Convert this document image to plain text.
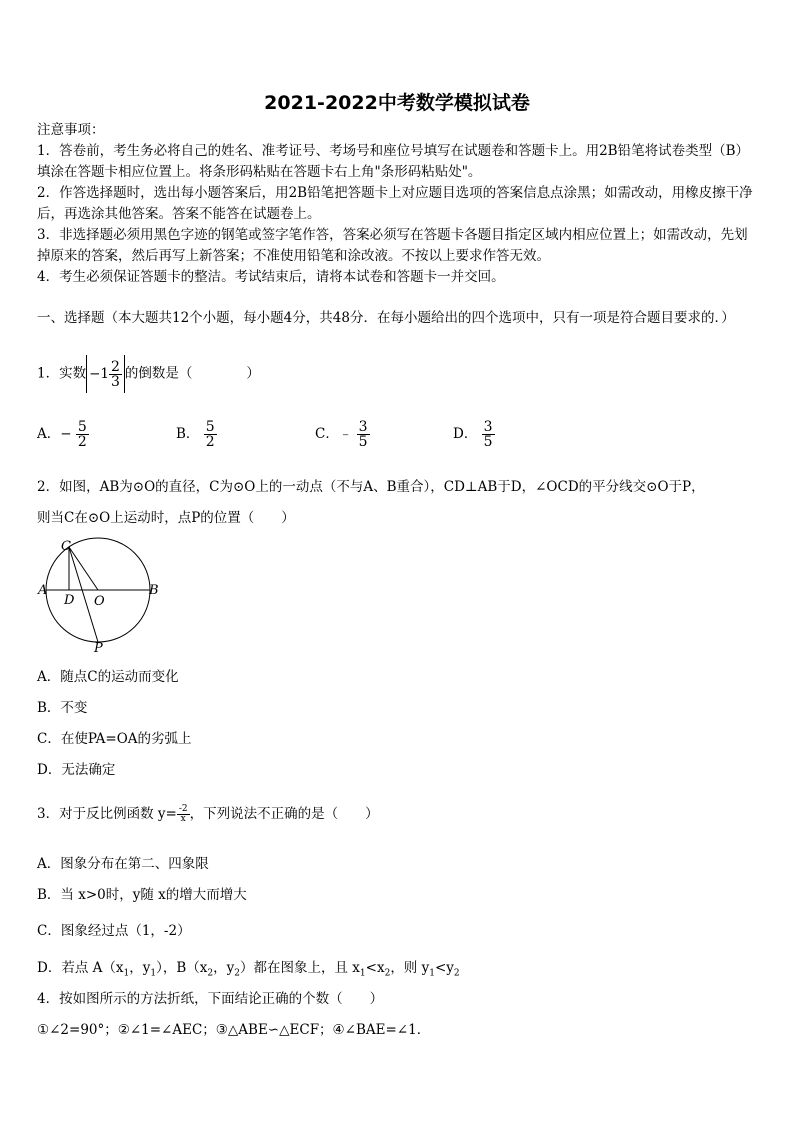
2021-2022中考数学模拟试卷
注意事项：
1．答卷前，考生务必将自己的姓名、准考证号、考场号和座位号填写在试题卷和答题卡上。用2B铅笔将试卷类型（B）填涂在答题卡相应位置上。将条形码粘贴在答题卡右上角"条形码粘贴处"。
2．作答选择题时，选出每小题答案后，用2B铅笔把答题卡上对应题目选项的答案信息点涂黑；如需改动，用橡皮擦干净后，再选涂其他答案。答案不能答在试题卷上。
3．非选择题必须用黑色字迹的钢笔或签字笔作答，答案必须写在答题卡各题目指定区域内相应位置上；如需改动，先划掉原来的答案，然后再写上新答案；不准使用铅笔和涂改液。不按以上要求作答无效。
4．考生必须保证答题卡的整洁。考试结束后，请将本试卷和答题卡一并交回。
一、选择题（本大题共12个小题，每小题4分，共48分．在每小题给出的四个选项中，只有一项是符合题目要求的．）
1．实数 $-1 \frac{2}{3}$ 的倒数是（　　　　）
A．− $\frac{5}{2}$	B． $\frac{5}{2}$	C．﹣ $\frac{3}{5}$	D． $\frac{3}{5}$
2．如图，AB为⊙O的直径，C为⊙O上的一动点（不与A、B重合），CD⊥AB于D，∠OCD的平分线交⊙O于P，
则当C在⊙O上运动时，点P的位置（　　）
C
A
D O
B
P
A．随点C的运动而变化
B．不变
C．在使PA=OA的劣弧上
D．无法确定
3．对于反比例函数 $y= \frac{-2}{x}$ ，下列说法不正确的是（　　）
A．图象分布在第二、四象限
B．当 x>0时，y随 x的增大而增大
C．图象经过点（1，-2）
D．若点 $A(x_1$，$y_1$），$B(x_2$，$y_2$）都在图象上，且 $x_1<x_2$，则 $y_1<y_2$
4．按如图所示的方法折纸，下面结论正确的个数（　　）
①∠2=90°；②∠1=∠AEC；③△ABE∽△ECF；④∠BAE=∠1．
